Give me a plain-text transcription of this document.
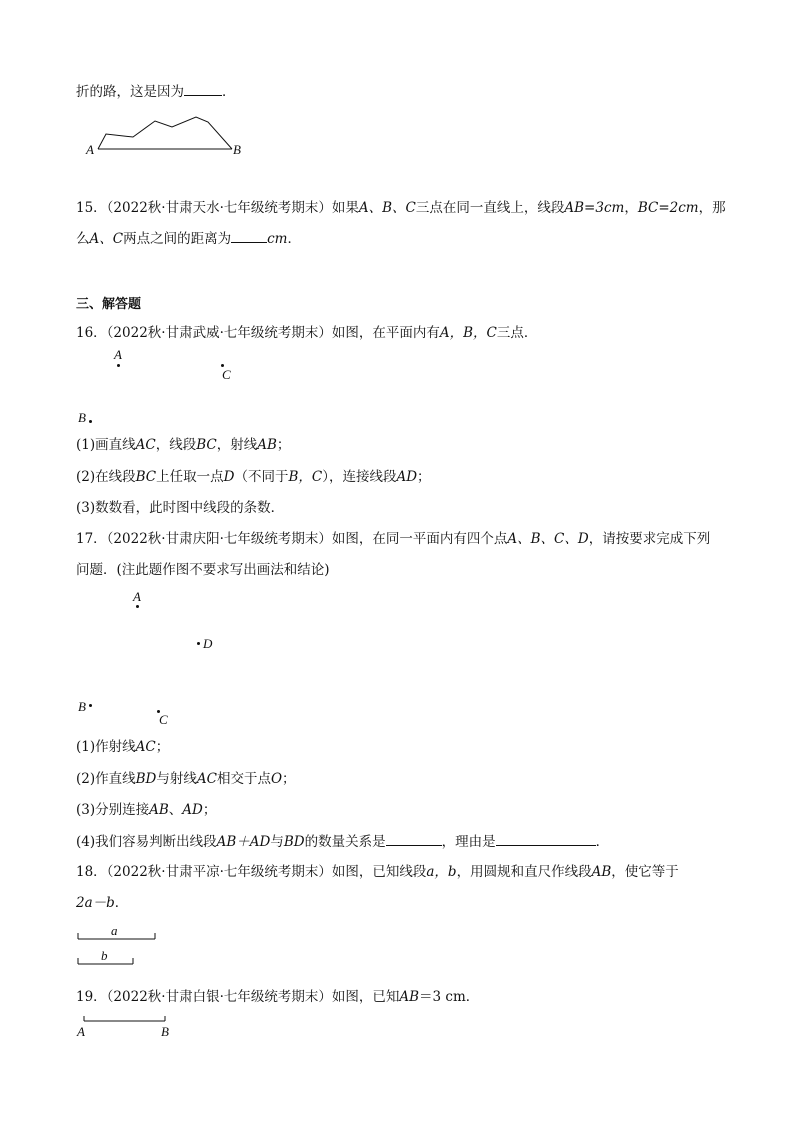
折的路，这是因为	．
A	B
15．（2022秋·甘肃天水·七年级统考期末）如果A、B、C三点在同一直线上，线段AB=3cm，BC=2cm，那
么A、C两点之间的距离为	cm．
三、解答题
16．（2022秋·甘肃武威·七年级统考期末）如图，在平面内有A，B，C三点．
A
C
B
(1)画直线AC，线段BC，射线AB；
(2)在线段BC上任取一点D（不同于B，C），连接线段AD；
(3)数数看，此时图中线段的条数．
17．（2022秋·甘肃庆阳·七年级统考期末）如图，在同一平面内有四个点A、B、C、D，请按要求完成下列
问题．(注此题作图不要求写出画法和结论)
A
D
B
C
(1)作射线AC；
(2)作直线BD与射线AC相交于点O；
(3)分别连接AB、AD；
(4)我们容易判断出线段AB＋AD与BD的数量关系是	，理由是	．
18．（2022秋·甘肃平凉·七年级统考期末）如图，已知线段a，b，用圆规和直尺作线段AB，使它等于
2a－b．
a
b
19．（2022秋·甘肃白银·七年级统考期末）如图，已知AB＝3 cm．
A	B
